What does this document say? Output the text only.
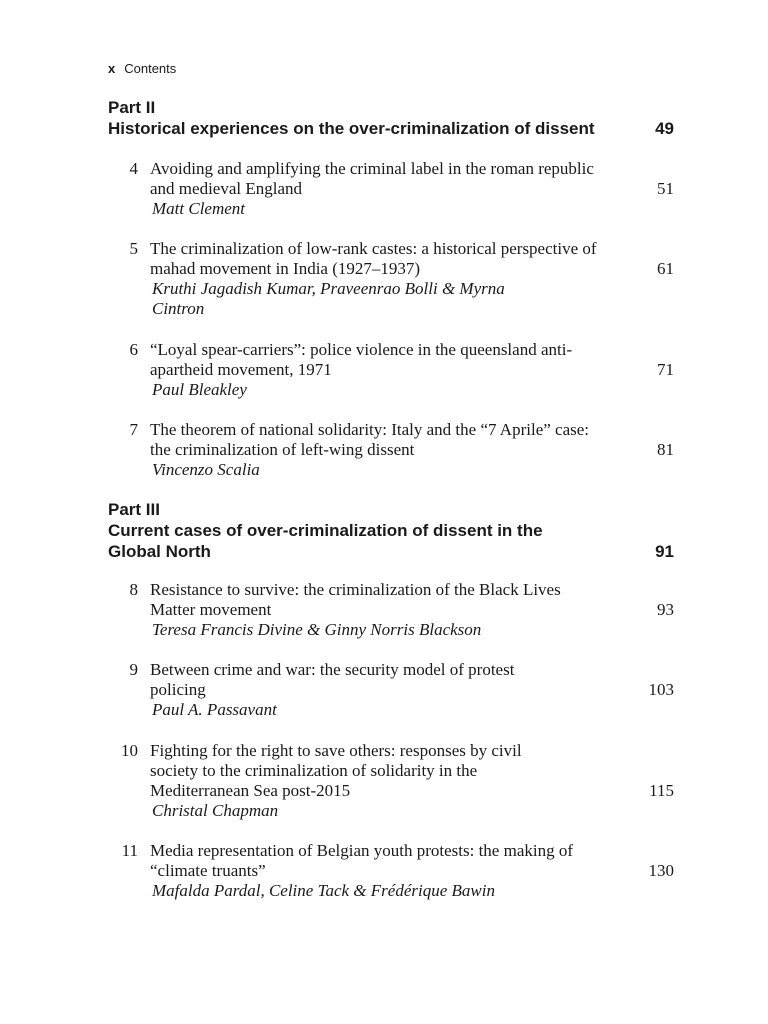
x Contents
Part II
Historical experiences on the over-criminalization of dissent	49
4 Avoiding and amplifying the criminal label in the roman republic and medieval England	51
Matt Clement
5 The criminalization of low-rank castes: a historical perspective of mahad movement in India (1927–1937)	61
Kruthi Jagadish Kumar, Praveenrao Bolli & Myrna Cintron
6 “Loyal spear-carriers”: police violence in the queensland anti-apartheid movement, 1971	71
Paul Bleakley
7 The theorem of national solidarity: Italy and the “7 Aprile” case: the criminalization of left-wing dissent	81
Vincenzo Scalia
Part III
Current cases of over-criminalization of dissent in the Global North	91
8 Resistance to survive: the criminalization of the Black Lives Matter movement	93
Teresa Francis Divine & Ginny Norris Blackson
9 Between crime and war: the security model of protest policing	103
Paul A. Passavant
10 Fighting for the right to save others: responses by civil society to the criminalization of solidarity in the Mediterranean Sea post-2015	115
Christal Chapman
11 Media representation of Belgian youth protests: the making of “climate truants”	130
Mafalda Pardal, Celine Tack & Frédérique Bawin
